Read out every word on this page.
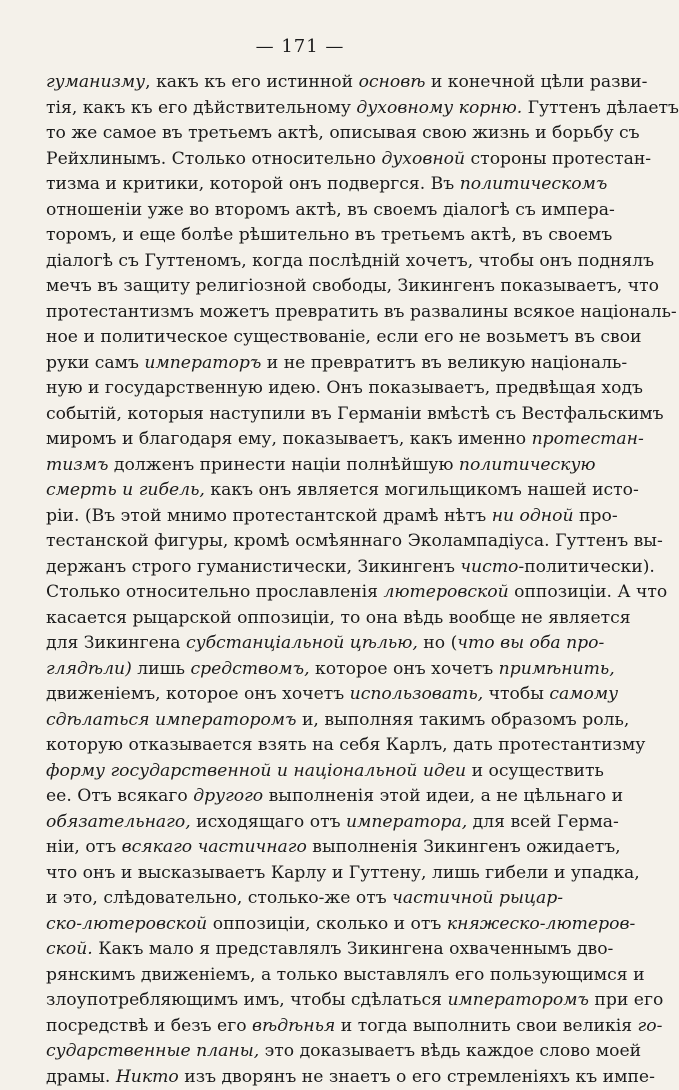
— 171 —
гуманизму, какъ къ его истинной основѣ и конечной цѣли разви-
тія, какъ къ его дѣйствительному духовному корню. Гуттенъ дѣлаетъ
то же самое въ третьемъ актѣ, описывая свою жизнь и борьбу съ
Рейхлинымъ. Столько относительно духовной стороны протестан-
тизма и критики, которой онъ подвергся. Въ политическомъ
отношеніи уже во второмъ актѣ, въ своемъ діалогѣ съ импера-
торомъ, и еще болѣе рѣшительно въ третьемъ актѣ, въ своемъ
діалогѣ съ Гуттеномъ, когда послѣдній хочетъ, чтобы онъ поднялъ
мечъ въ защиту религіозной свободы, Зикингенъ показываетъ, что
протестантизмъ можетъ превратить въ развалины всякое національ-
ное и политическое существованіе, если его не возьметъ въ свои
руки самъ императоръ и не превратитъ въ великую національ-
ную и государственную идею. Онъ показываетъ, предвѣщая ходъ
событій, которыя наступили въ Германіи вмѣстѣ съ Вестфальскимъ
миромъ и благодаря ему, показываетъ, какъ именно протестан-
тизмъ долженъ принести націи полнѣйшую политическую
смерть и гибель, какъ онъ является могильщикомъ нашей исто-
ріи. (Въ этой мнимо протестантской драмѣ нѣтъ ни одной про-
тестанской фигуры, кромѣ осмѣяннаго Эколампадіуса. Гуттенъ вы-
держанъ строго гуманистически, Зикингенъ чисто-политически).
Столько относительно прославленія лютеровской оппозиціи. А что
касается рыцарской оппозиціи, то она вѣдь вообще не является
для Зикингена субстанціальной цѣлью, но (что вы оба про-
глядѣли) лишь средствомъ, которое онъ хочетъ примѣнить,
движеніемъ, которое онъ хочетъ использовать, чтобы самому
сдѣлаться императоромъ и, выполняя такимъ образомъ роль,
которую отказывается взять на себя Карлъ, дать протестантизму
форму государственной и національной идеи и осуществить
ее. Отъ всякаго другого выполненія этой идеи, а не цѣльнаго и
обязательнаго, исходящаго отъ императора, для всей Герма-
ніи, отъ всякаго частичнаго выполненія Зикингенъ ожидаетъ,
что онъ и высказываетъ Карлу и Гуттену, лишь гибели и упадка,
и это, слѣдовательно, столько-же отъ частичной рыцар-
ско-лютеровской оппозиціи, сколько и отъ княжеско-лютеров-
ской. Какъ мало я представлялъ Зикингена охваченнымъ дво-
рянскимъ движеніемъ, а только выставлялъ его пользующимся и
злоупотребляющимъ имъ, чтобы сдѣлаться императоромъ при его
посредствѣ и безъ его вѣдѣнья и тогда выполнить свои великія го-
сударственные планы, это доказываетъ вѣдь каждое слово моей
драмы. Никто изъ дворянъ не знаетъ о его стремленіяхъ къ импе-
